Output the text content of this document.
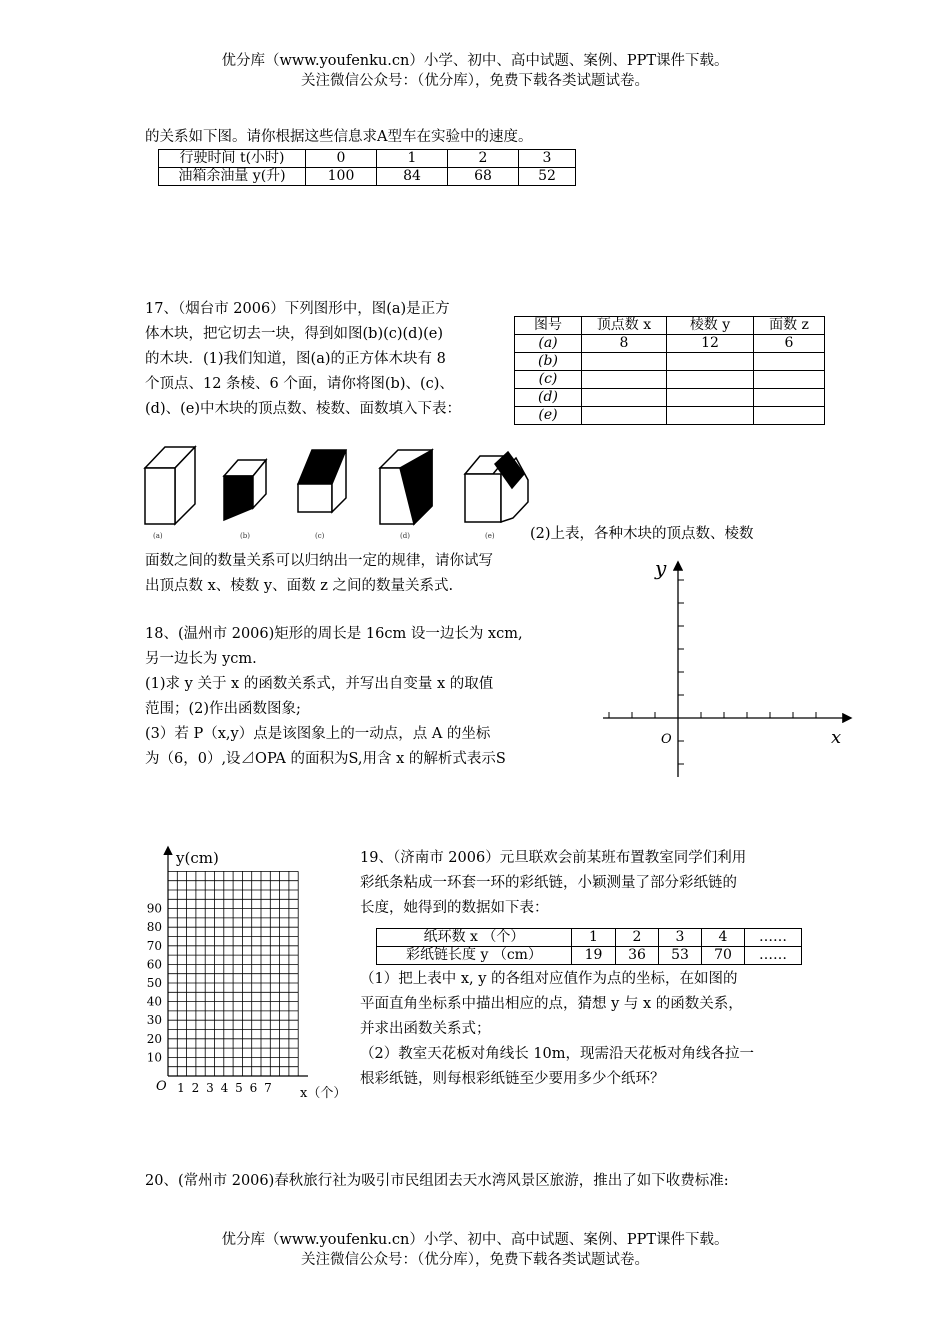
优分库（www.youfenku.cn）小学、初中、高中试题、案例、PPT课件下载。
关注微信公众号：（优分库），免费下载各类试题试卷。
的关系如下图。请你根据这些信息求A型车在实验中的速度。
行驶时间 t(小时)	0	1	2	3
油箱余油量 y(升)	100	84	68	52
17、（烟台市 2006）下列图形中，图(a)是正方
体木块，把它切去一块，得到如图(b)(c)(d)(e)
的木块．(1)我们知道，图(a)的正方体木块有 8
个顶点、12 条棱、6 个面，请你将图(b)、(c)、
(d)、(e)中木块的顶点数、棱数、面数填入下表：
图号	顶点数 x	棱数 y	面数 z
(a)	8	12	6
(b)			
(c)			
(d)			
(e)			
(a)	(b)	(c)	(d)	(e) (2)上表，各种木块的顶点数、棱数
面数之间的数量关系可以归纳出一定的规律，请你试写
出顶点数 x、棱数 y、面数 z 之间的数量关系式.
18、(温州市 2006)矩形的周长是 16cm 设一边长为 xcm,
另一边长为 ycm.
(1)求 y 关于 x 的函数关系式，并写出自变量 x 的取值
范围；(2)作出函数图象;
(3）若 P（x,y）点是该图象上的一动点，点 A 的坐标
为（6，0）,设⊿OPA 的面积为S,用含 x 的解析式表示S
y
x
O
10
20
30
40
50
60
70
80
90
1 2 3 4 5 6 7
y(cm)
x（个）
O
19、（济南市 2006）元旦联欢会前某班布置教室同学们利用
彩纸条粘成一环套一环的彩纸链，小颖测量了部分彩纸链的
长度，她得到的数据如下表：
纸环数 x （个）	1	2	3	4	……
彩纸链长度 y （cm）	19	36	53	70	……
（1）把上表中 x, y 的各组对应值作为点的坐标，在如图的
平面直角坐标系中描出相应的点，猜想 y 与 x 的函数关系，
并求出函数关系式；
（2）教室天花板对角线长 10m，现需沿天花板对角线各拉一
根彩纸链，则每根彩纸链至少要用多少个纸环？
20、(常州市 2006)春秋旅行社为吸引市民组团去天水湾风景区旅游，推出了如下收费标准:
优分库（www.youfenku.cn）小学、初中、高中试题、案例、PPT课件下载。
关注微信公众号：（优分库），免费下载各类试题试卷。
